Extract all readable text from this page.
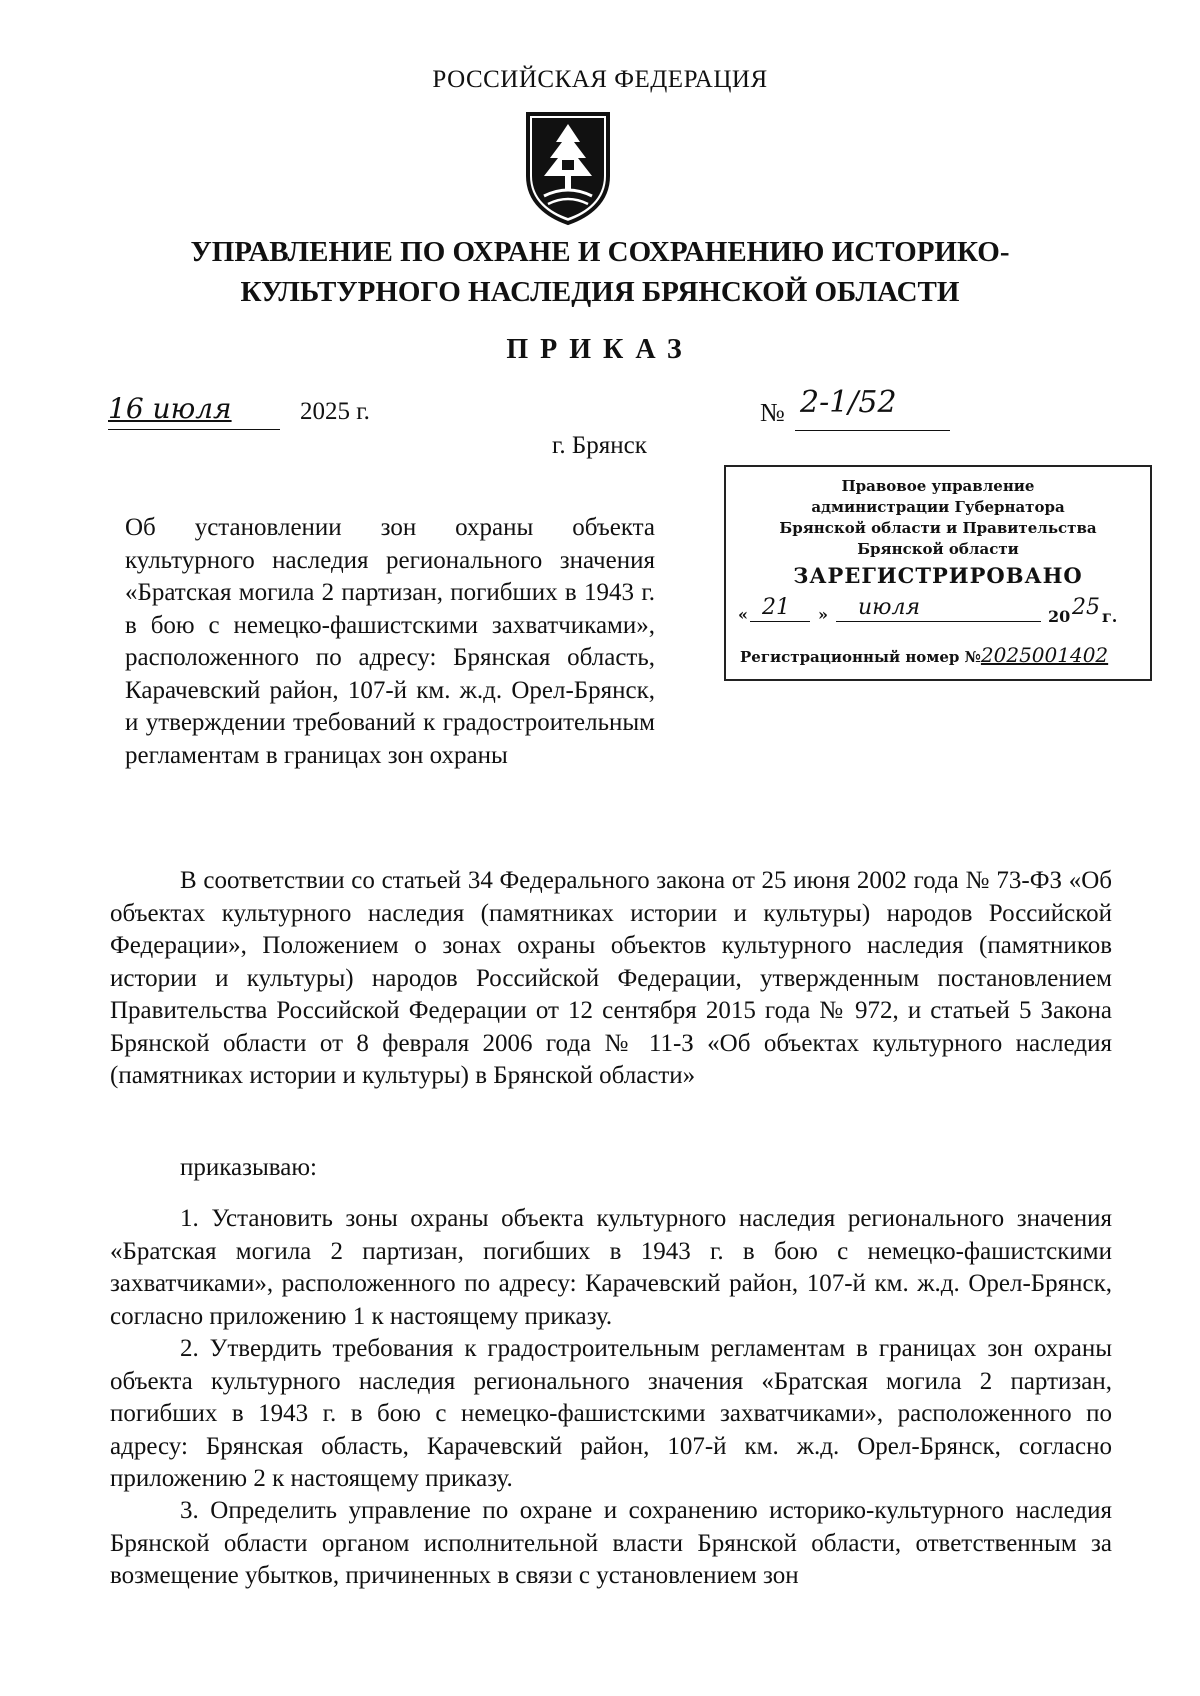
РОССИЙСКАЯ ФЕДЕРАЦИЯ
УПРАВЛЕНИЕ ПО ОХРАНЕ И СОХРАНЕНИЮ ИСТОРИКО-
КУЛЬТУРНОГО НАСЛЕДИЯ БРЯНСКОЙ ОБЛАСТИ
ПРИКАЗ
16 июля	2025 г.	№ 2-1/52
г. Брянск
Правовое управление
администрации Губернатора
Брянской области и Правительства
Брянской области
ЗАРЕГИСТРИРОВАНО
« 21 » июля	20 25 г.
Регистрационный номер №2025001402
Об установлении зон охраны объекта культурного наследия регионального значения «Братская могила 2 партизан, погибших в 1943 г. в бою с немецко-фашистскими захватчиками», расположенного по адресу: Брянская область, Карачевский район, 107-й км. ж.д. Орел-Брянск, и утверждении требований к градостроительным регламентам в границах зон охраны

В соответствии со статьей 34 Федерального закона от 25 июня 2002 года № 73-ФЗ «Об объектах культурного наследия (памятниках истории и культуры) народов Российской Федерации», Положением о зонах охраны объектов культурного наследия (памятников истории и культуры) народов Российской Федерации, утвержденным постановлением Правительства Российской Федерации от 12 сентября 2015 года № 972, и статьей 5 Закона Брянской области от 8 февраля 2006 года № 11-З «Об объектах культурного наследия (памятниках истории и культуры) в Брянской области»

приказываю:

1. Установить зоны охраны объекта культурного наследия регионального значения «Братская могила 2 партизан, погибших в 1943 г. в бою с немецко-фашистскими захватчиками», расположенного по адресу: Карачевский район, 107-й км. ж.д. Орел-Брянск, согласно приложению 1 к настоящему приказу.

2. Утвердить требования к градостроительным регламентам в границах зон охраны объекта культурного наследия регионального значения «Братская могила 2 партизан, погибших в 1943 г. в бою с немецко-фашистскими захватчиками», расположенного по адресу: Брянская область, Карачевский район, 107-й км. ж.д. Орел-Брянск, согласно приложению 2 к настоящему приказу.

3. Определить управление по охране и сохранению историко-культурного наследия Брянской области органом исполнительной власти Брянской области, ответственным за возмещение убытков, причиненных в связи с установлением зон
